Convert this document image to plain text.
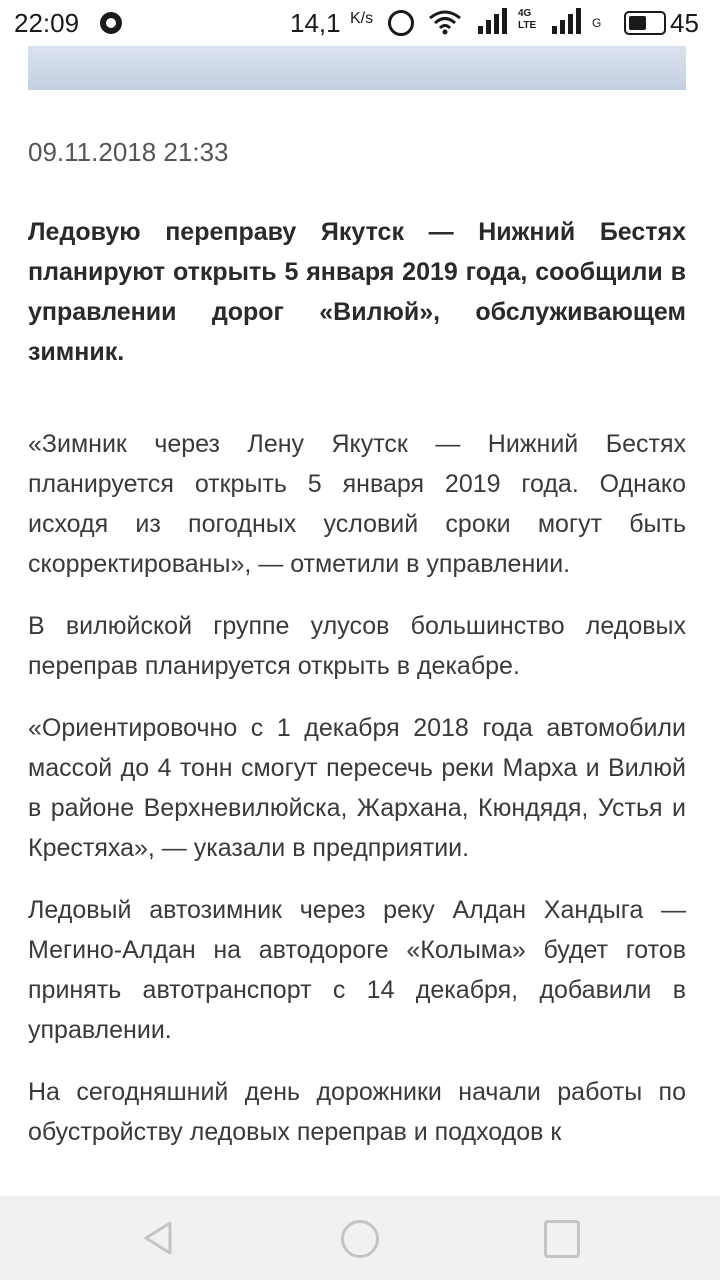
22:09	14,1 K/s	4G
LTE	G	45

09.11.2018 21:33

Ледовую переправу Якутск — Нижний Бестях планируют открыть 5 января 2019 года, сообщили в управлении дорог «Вилюй», обслуживающем зимник.

«Зимник через Лену Якутск — Нижний Бестях планируется открыть 5 января 2019 года. Однако исходя из погодных условий сроки могут быть скорректированы», — отметили в управлении.

В вилюйской группе улусов большинство ледовых переправ планируется открыть в декабре.

«Ориентировочно с 1 декабря 2018 года автомобили массой до 4 тонн смогут пересечь реки Марха и Вилюй в районе Верхневилюйска, Жархана, Кюндядя, Устья и Крестяха», — указали в предприятии.

Ледовый автозимник через реку Алдан Хандыга — Мегино-Алдан на автодороге «Колыма» будет готов принять автотранспорт с 14 декабря, добавили в управлении.

На сегодняшний день дорожники начали работы по обустройству ледовых переправ и подходов к
